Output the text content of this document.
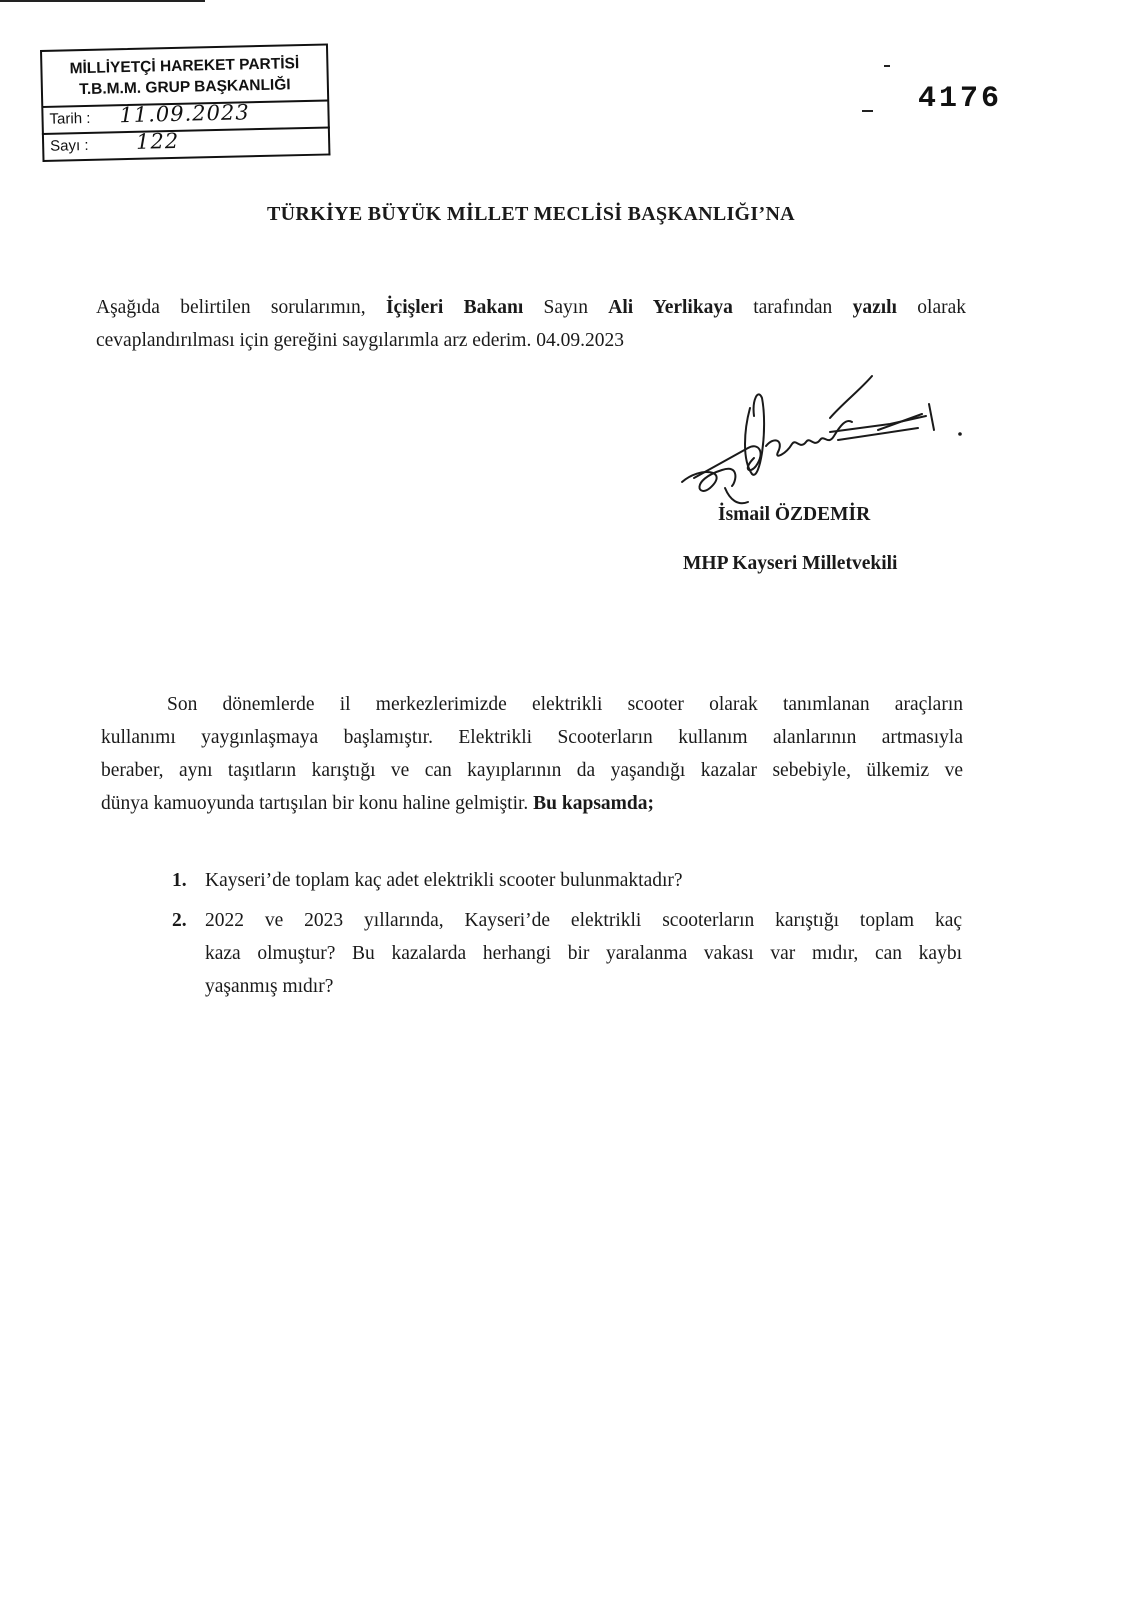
MİLLİYETÇİ HAREKET PARTİSİ
T.B.M.M. GRUP BAŞKANLIĞI
Tarih : 11.09.2023
Sayı : 122
4176
TÜRKİYE BÜYÜK MİLLET MECLİSİ BAŞKANLIĞI’NA
Aşağıda belirtilen sorularımın, İçişleri Bakanı Sayın Ali Yerlikaya tarafından yazılı olarak
cevaplandırılması için gereğini saygılarımla arz ederim. 04.09.2023
İsmail ÖZDEMİR
MHP Kayseri Milletvekili
Son dönemlerde il merkezlerimizde elektrikli scooter olarak tanımlanan araçların
kullanımı yaygınlaşmaya başlamıştır. Elektrikli Scooterların kullanım alanlarının artmasıyla
beraber, aynı taşıtların karıştığı ve can kayıplarının da yaşandığı kazalar sebebiyle, ülkemiz ve
dünya kamuoyunda tartışılan bir konu haline gelmiştir. Bu kapsamda;
1. Kayseri’de toplam kaç adet elektrikli scooter bulunmaktadır?
2. 2022 ve 2023 yıllarında, Kayseri’de elektrikli scooterların karıştığı toplam kaç
kaza olmuştur? Bu kazalarda herhangi bir yaralanma vakası var mıdır, can kaybı
yaşanmış mıdır?
